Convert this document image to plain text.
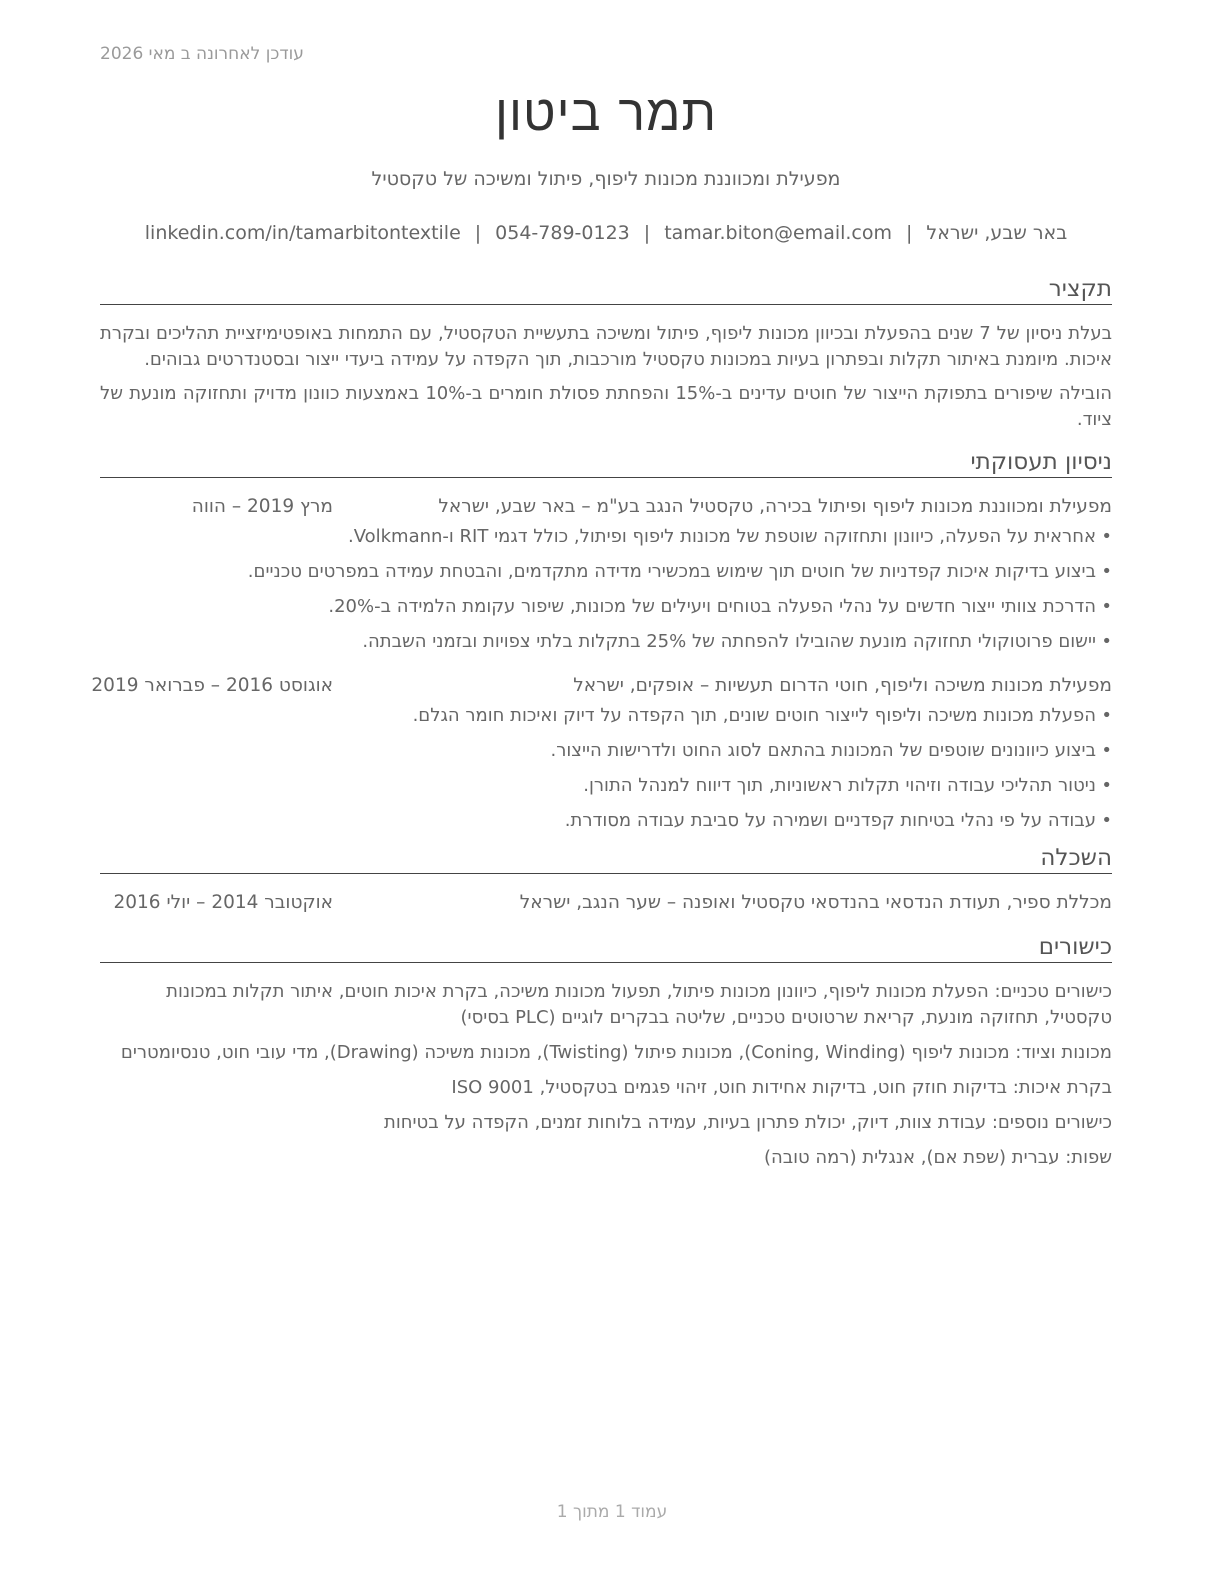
עודכן לאחרונה ב מאי 2026
תמר ביטון
מפעילת ומכווננת מכונות ליפוף, פיתול ומשיכה של טקסטיל
באר שבע, ישראל|tamar.biton@email.com|054-789-0123|linkedin.com/in/tamarbitontextile
תקציר

בעלת ניסיון של 7 שנים בהפעלת ובכיוון מכונות ליפוף, פיתול ומשיכה בתעשיית הטקסטיל, עם התמחות באופטימיזציית תהליכים ובקרת איכות. מיומנת באיתור תקלות ובפתרון בעיות במכונות טקסטיל מורכבות, תוך הקפדה על עמידה ביעדי ייצור ובסטנדרטים גבוהים.

הובילה שיפורים בתפוקת הייצור של חוטים עדינים ב-15% והפחתת פסולת חומרים ב-10% באמצעות כוונון מדויק ותחזוקה מונעת של ציוד.

ניסיון תעסוקתי
מפעילת ומכווננת מכונות ליפוף ופיתול בכירה, טקסטיל הנגב בע"מ – באר שבע, ישראל
מרץ 2019 – הווה
• אחראית על הפעלה, כיוונון ותחזוקה שוטפת של מכונות ליפוף ופיתול, כולל דגמי RIT ו-Volkmann.
• ביצוע בדיקות איכות קפדניות של חוטים תוך שימוש במכשירי מדידה מתקדמים, והבטחת עמידה במפרטים טכניים.
• הדרכת צוותי ייצור חדשים על נהלי הפעלה בטוחים ויעילים של מכונות, שיפור עקומת הלמידה ב-20%.
• יישום פרוטוקולי תחזוקה מונעת שהובילו להפחתה של 25% בתקלות בלתי צפויות ובזמני השבתה.
מפעילת מכונות משיכה וליפוף, חוטי הדרום תעשיות – אופקים, ישראל
אוגוסט 2016 – פברואר 2019
• הפעלת מכונות משיכה וליפוף לייצור חוטים שונים, תוך הקפדה על דיוק ואיכות חומר הגלם.
• ביצוע כיוונונים שוטפים של המכונות בהתאם לסוג החוט ולדרישות הייצור.
• ניטור תהליכי עבודה וזיהוי תקלות ראשוניות, תוך דיווח למנהל התורן.
• עבודה על פי נהלי בטיחות קפדניים ושמירה על סביבת עבודה מסודרת.
השכלה
מכללת ספיר, תעודת הנדסאי בהנדסאי טקסטיל ואופנה – שער הנגב, ישראל
אוקטובר 2014 – יולי 2016
כישורים
כישורים טכניים: הפעלת מכונות ליפוף, כיוונון מכונות פיתול, תפעול מכונות משיכה, בקרת איכות חוטים, איתור תקלות במכונות טקסטיל, תחזוקה מונעת, קריאת שרטוטים טכניים, שליטה בבקרים לוגיים (PLC בסיסי)
מכונות וציוד: מכונות ליפוף (Coning, Winding), מכונות פיתול (Twisting), מכונות משיכה (Drawing), מדי עובי חוט, טנסיומטרים
בקרת איכות: בדיקות חוזק חוט, בדיקות אחידות חוט, זיהוי פגמים בטקסטיל, ISO 9001
כישורים נוספים: עבודת צוות, דיוק, יכולת פתרון בעיות, עמידה בלוחות זמנים, הקפדה על בטיחות
שפות: עברית (שפת אם), אנגלית (רמה טובה)
עמוד 1 מתוך 1
